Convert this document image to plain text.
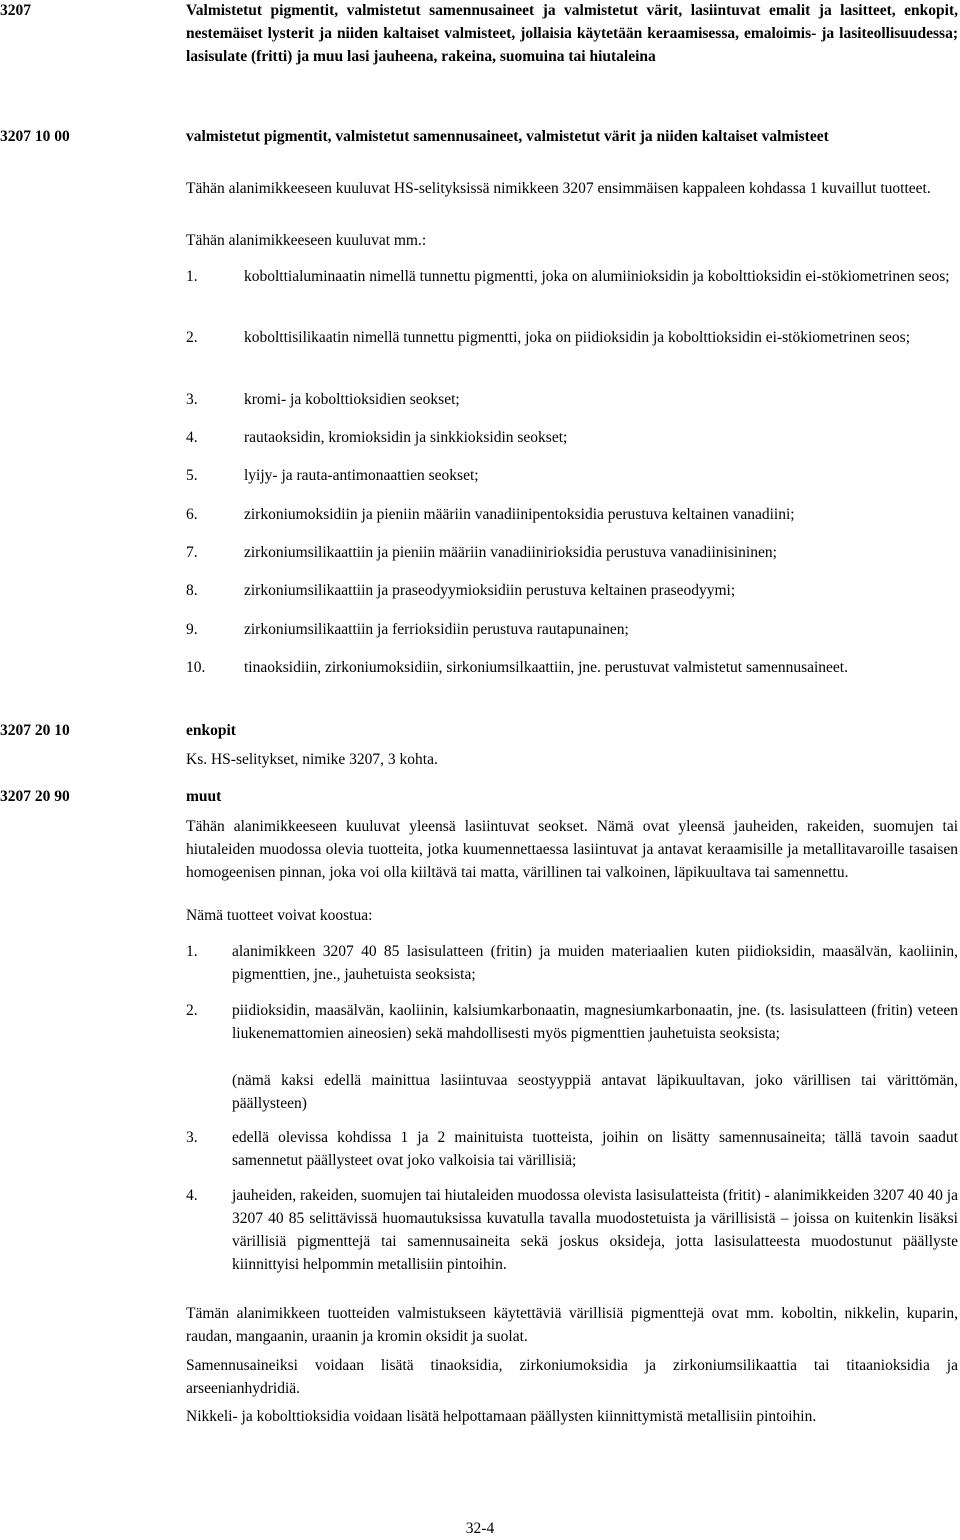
3207	Valmistetut pigmentit, valmistetut samennusaineet ja valmistetut värit, lasiintuvat emalit ja lasitteet, enkopit, nestemäiset lysterit ja niiden kaltaiset valmisteet, jollaisia käytetään keraamisessa, emaloimis- ja lasiteollisuudessa; lasisulate (fritti) ja muu lasi jauheena, rakeina, suomuina tai hiutaleina
3207 10 00	valmistetut pigmentit, valmistetut samennusaineet, valmistetut värit ja niiden kaltaiset valmisteet
Tähän alanimikkeeseen kuuluvat HS-selityksissä nimikkeen 3207 ensimmäisen kappaleen kohdassa 1 kuvaillut tuotteet.
Tähän alanimikkeeseen kuuluvat mm.:
1.	kobolttialuminaatin nimellä tunnettu pigmentti, joka on alumiinioksidin ja kobolttioksidin ei-stökiometrinen seos;
2.	kobolttisilikaatin nimellä tunnettu pigmentti, joka on piidioksidin ja kobolttioksidin ei-stökiometrinen seos;
3.	kromi- ja kobolttioksidien seokset;
4.	rautaoksidin, kromioksidin ja sinkkioksidin seokset;
5.	lyijy- ja rauta-antimonaattien seokset;
6.	zirkoniumoksidiin ja pieniin määriin vanadiinipentoksidia perustuva keltainen vanadiini;
7.	zirkoniumsilikaattiin ja pieniin määriin vanadiinirioksidia perustuva vanadiinisininen;
8.	zirkoniumsilikaattiin ja praseodyymioksidiin perustuva keltainen praseodyymi;
9.	zirkoniumsilikaattiin ja ferrioksidiin perustuva rautapunainen;
10. tinaoksidiin, zirkoniumoksidiin, sirkoniumsilkaattiin, jne. perustuvat valmistetut samennusaineet.
3207 20 10	enkopit
Ks. HS-selitykset, nimike 3207, 3 kohta.
3207 20 90	muut
Tähän alanimikkeeseen kuuluvat yleensä lasiintuvat seokset. Nämä ovat yleensä jauheiden, rakeiden, suomujen tai hiutaleiden muodossa olevia tuotteita, jotka kuumennettaessa lasiintuvat ja antavat keraamisille ja metallitavaroille tasaisen homogeenisen pinnan, joka voi olla kiiltävä tai matta, värillinen tai valkoinen, läpikuultava tai samennettu.
Nämä tuotteet voivat koostua:
1. alanimikkeen 3207 40 85 lasisulatteen (fritin) ja muiden materiaalien kuten piidioksidin, maasälvän, kaoliinin, pigmenttien, jne., jauhetuista seoksista;
2. piidioksidin, maasälvän, kaoliinin, kalsiumkarbonaatin, magnesiumkarbonaatin, jne. (ts. lasisulatteen (fritin) veteen liukenemattomien aineosien) sekä mahdollisesti myös pigmenttien jauhetuista seoksista;
(nämä kaksi edellä mainittua lasiintuvaa seostyyppiä antavat läpikuultavan, joko värillisen tai värittömän, päällysteen)
3. edellä olevissa kohdissa 1 ja 2 mainituista tuotteista, joihin on lisätty samennusaineita; tällä tavoin saadut samennetut päällysteet ovat joko valkoisia tai värillisiä;
4. jauheiden, rakeiden, suomujen tai hiutaleiden muodossa olevista lasisulatteista (fritit) - alanimikkeiden 3207 40 40 ja 3207 40 85 selittävissä huomautuksissa kuvatulla tavalla muodostetuista ja värillisistä – joissa on kuitenkin lisäksi värillisiä pigmenttejä tai samennusaineita sekä joskus oksideja, jotta lasisulatteesta muodostunut päällyste kiinnittyisi helpommin metallisiin pintoihin.
Tämän alanimikkeen tuotteiden valmistukseen käytettäviä värillisiä pigmenttejä ovat mm. koboltin, nikkelin, kuparin, raudan, mangaanin, uraanin ja kromin oksidit ja suolat.
Samennusaineiksi voidaan lisätä tinaoksidia, zirkoniumoksidia ja zirkoniumsilikaattia tai titaanioksidia ja arseenianhydridiä.
Nikkeli- ja kobolttioksidia voidaan lisätä helpottamaan päällysten kiinnittymistä metallisiin pintoihin.
32-4
